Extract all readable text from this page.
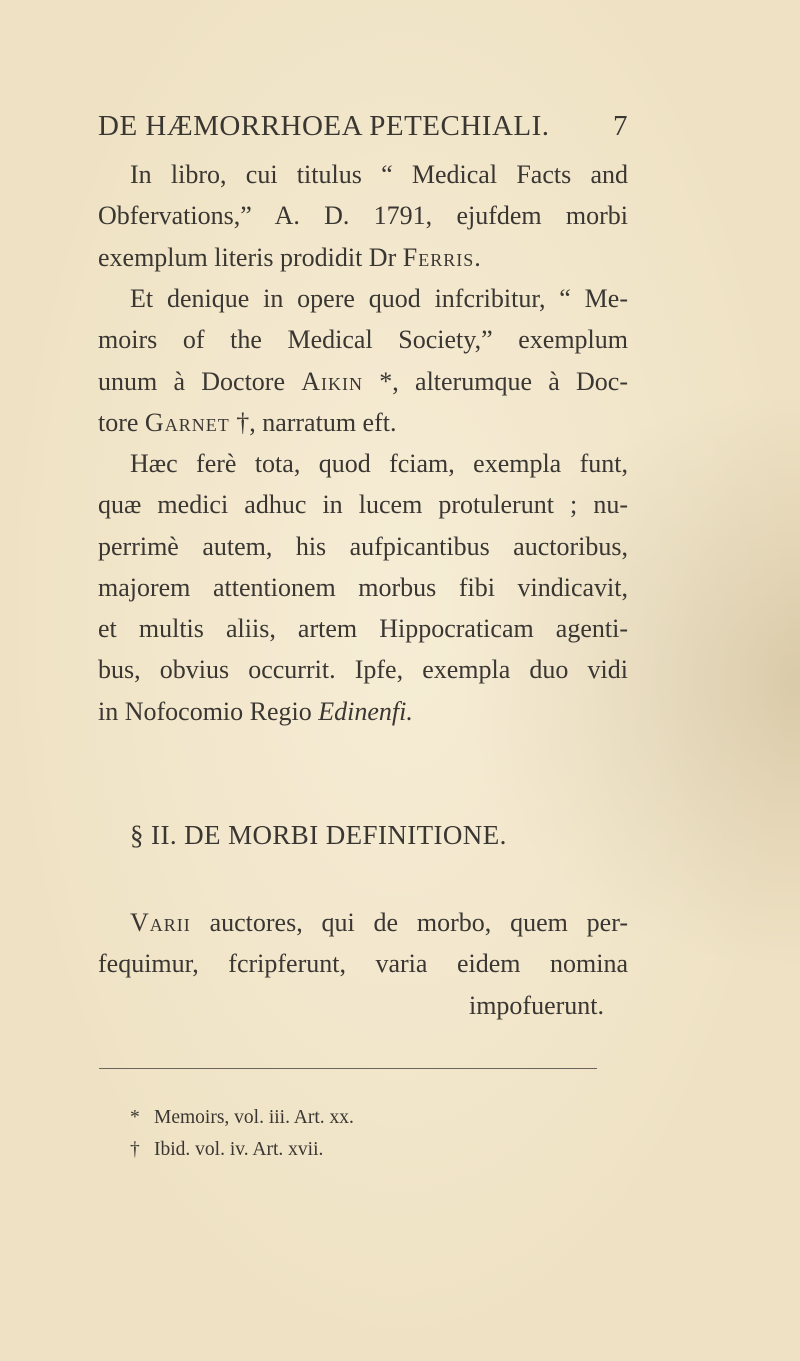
DE HÆMORRHOEA PETECHIALI. 7
In libro, cui titulus “ Medical Facts and
Obfervations,” A. D. 1791, ejufdem morbi
exemplum literis prodidit Dr Ferris.
Et denique in opere quod infcribitur, “ Me-
moirs of the Medical Society,” exemplum
unum à Doctore Aikin *, alterumque à Doc-
tore Garnet †, narratum eft.
Hæc ferè tota, quod fciam, exempla funt,
quæ medici adhuc in lucem protulerunt ; nu-
perrimè autem, his aufpicantibus auctoribus,
majorem attentionem morbus fibi vindicavit,
et multis aliis, artem Hippocraticam agenti-
bus, obvius occurrit. Ipfe, exempla duo vidi
in Nofocomio Regio Edinenfi.
§ II. DE MORBI DEFINITIONE.
Varii auctores, qui de morbo, quem per-
fequimur, fcripferunt, varia eidem nomina
impofuerunt.
* Memoirs, vol. iii. Art. xx.
† Ibid. vol. iv. Art. xvii.
